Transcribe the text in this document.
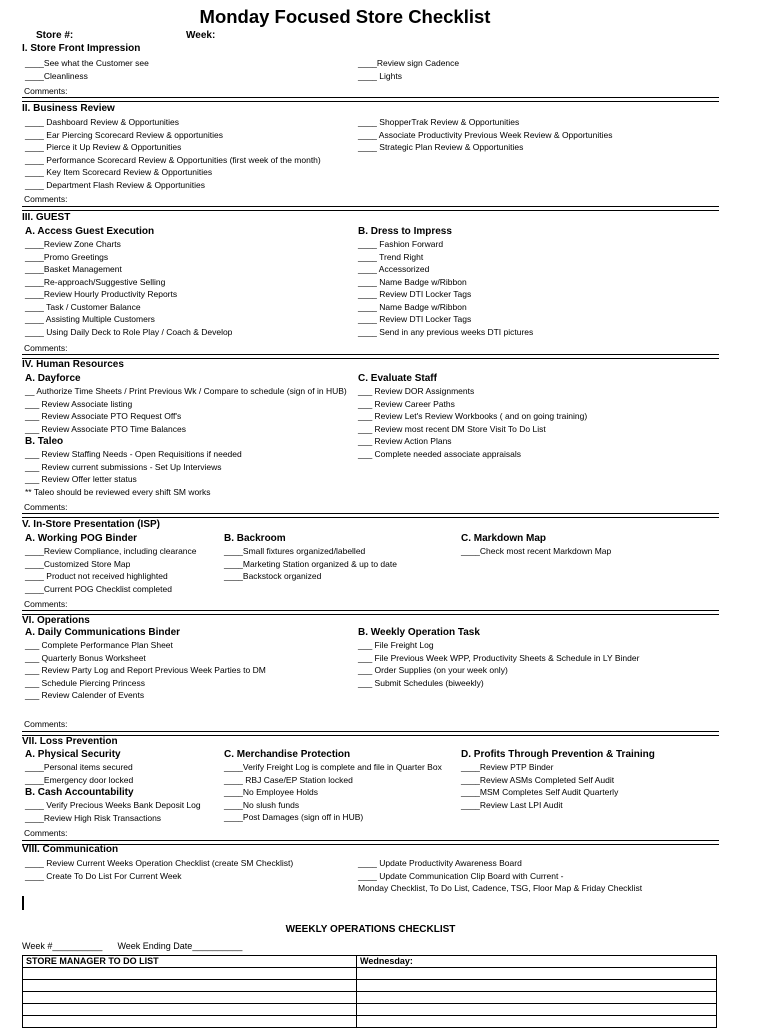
Monday Focused Store Checklist
Store #:	Week:
I. Store Front Impression
____See what the Customer see
____Cleanliness
____Review sign Cadence
____ Lights
Comments:
II. Business Review
____ Dashboard Review & Opportunities
____ Ear Piercing Scorecard Review & opportunities
____ Pierce it Up Review & Opportunities
____ Performance Scorecard Review & Opportunities (first week of the month)
____ Key Item Scorecard Review & Opportunities
____ Department Flash Review & Opportunities
____ ShopperTrak Review & Opportunities
____ Associate Productivity Previous Week Review & Opportunities
____ Strategic Plan Review & Opportunities
Comments:
III. GUEST
A. Access Guest Execution
____Review Zone Charts
____Promo Greetings
____Basket Management
____Re-approach/Suggestive Selling
____Review Hourly Productivity Reports
____ Task / Customer Balance
____ Assisting Multiple Customers
____ Using Daily Deck to Role Play / Coach & Develop
B. Dress to Impress
____ Fashion Forward
____ Trend Right
____ Accessorized
____ Name Badge w/Ribbon
____ Review DTI Locker Tags
____ Name Badge w/Ribbon
____ Review DTI Locker Tags
____ Send in any previous weeks DTI pictures
Comments:
IV. Human Resources
A. Dayforce
__ Authorize Time Sheets / Print Previous Wk / Compare to schedule (sign of in HUB)
___ Review Associate listing
___ Review Associate PTO Request Off's
___ Review Associate PTO Time Balances
B. Taleo
___ Review Staffing Needs - Open Requisitions if needed
___ Review current submissions - Set Up Interviews
___ Review Offer letter status
** Taleo should be reviewed every shift SM works
C. Evaluate Staff
___ Review DOR Assignments
___ Review Career Paths
___ Review Let's Review Workbooks ( and on going training)
___ Review most recent DM Store Visit To Do List
___ Review Action Plans
___ Complete needed associate appraisals
Comments:
V. In-Store Presentation (ISP)
A. Working POG Binder
____Review Compliance, including clearance
____Customized Store Map
____ Product not received highlighted
____Current POG Checklist completed
B. Backroom
____Small fixtures organized/labelled
____Marketing Station organized & up to date
____Backstock organized
C. Markdown Map
____Check most recent Markdown Map
Comments:
VI. Operations
A. Daily Communications Binder
___ Complete Performance Plan Sheet
___ Quarterly Bonus Worksheet
___ Review Party Log and Report Previous Week Parties to DM
___ Schedule Piercing Princess
___ Review Calender of Events
B. Weekly Operation Task
___ File Freight Log
___ File Previous Week WPP, Productivity Sheets & Schedule in LY Binder
___ Order Supplies (on your week only)
___ Submit Schedules (biweekly)
Comments:
VII. Loss Prevention
A. Physical Security
____Personal items secured
____Emergency door locked
B. Cash Accountability
____ Verify Precious Weeks Bank Deposit Log
____Review High Risk Transactions
C. Merchandise Protection
____Verify Freight Log is complete and file in Quarter Box
____ RBJ Case/EP Station locked
____No Employee Holds
____No slush funds
____Post Damages (sign off in HUB)
D. Profits Through Prevention & Training
____Review PTP Binder
____Review ASMs Completed Self Audit
____MSM Completes Self Audit Quarterly
____Review Last LPI Audit
Comments:
VIII. Communication
____ Review Current Weeks Operation Checklist (create SM Checklist)
____ Create To Do List For Current Week
____ Update Productivity Awareness Board
____ Update Communication Clip Board with Current -
Monday Checklist, To Do List, Cadence, TSG, Floor Map & Friday Checklist
WEEKLY OPERATIONS CHECKLIST
Week #__________ Week Ending Date__________
STORE MANAGER TO DO LIST	Wednesday:
